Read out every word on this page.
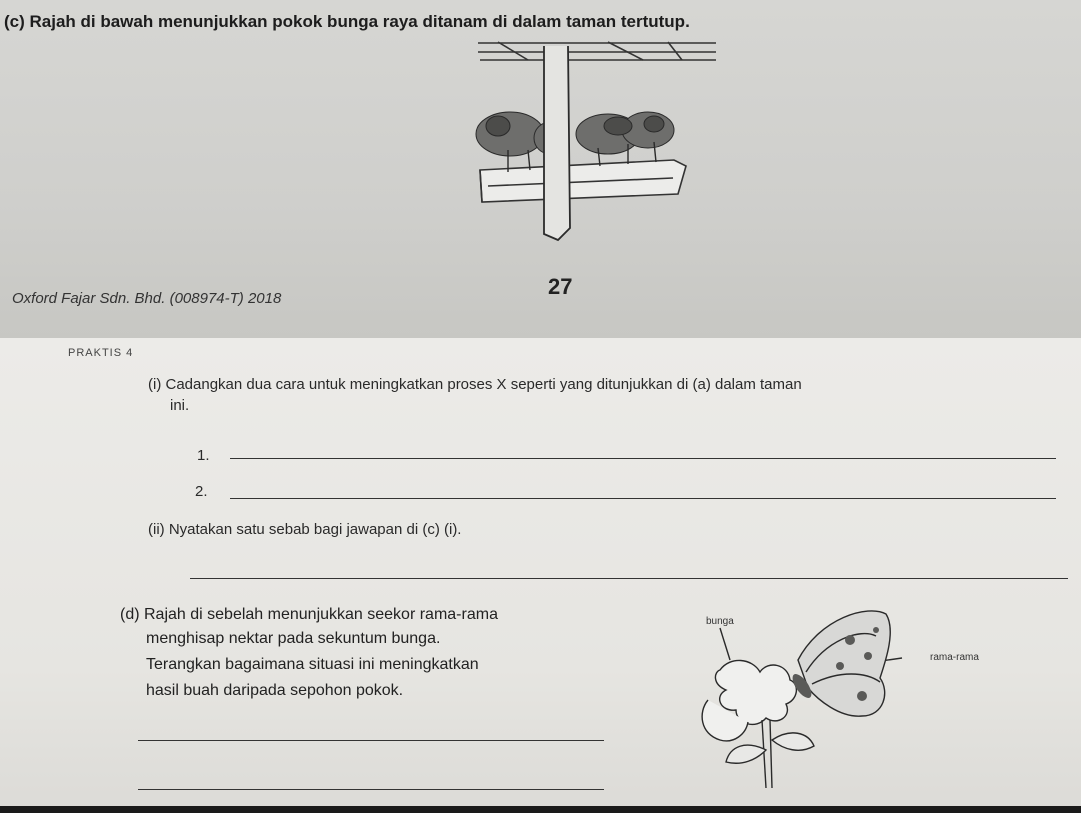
(c) Rajah di bawah menunjukkan pokok bunga raya ditanam di dalam taman tertutup.
Oxford Fajar Sdn. Bhd. (008974-T) 2018	27
PRAKTIS 4
(i) Cadangkan dua cara untuk meningkatkan proses X seperti yang ditunjukkan di (a) dalam taman
ini.
1.
2.
(ii) Nyatakan satu sebab bagi jawapan di (c) (i).
(d) Rajah di sebelah menunjukkan seekor rama-rama
menghisap nektar pada sekuntum bunga.
Terangkan bagaimana situasi ini meningkatkan
hasil buah daripada sepohon pokok.
bunga
rama-rama
